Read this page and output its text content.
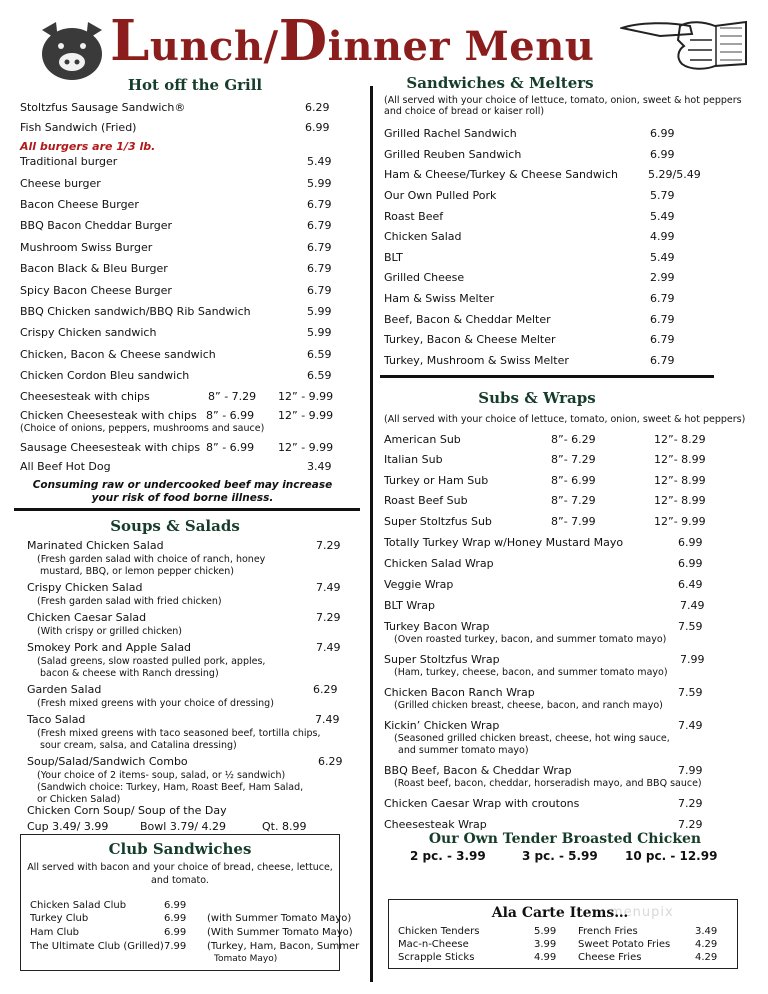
Lunch/Dinner Menu
Hot off the Grill
Stoltzfus Sausage Sandwich®	6.29
Fish Sandwich (Fried)	6.99
All burgers are 1/3 lb.
Traditional burger	5.49
Cheese burger	5.99
Bacon Cheese Burger	6.79
BBQ Bacon Cheddar Burger	6.79
Mushroom Swiss Burger	6.79
Bacon Black & Bleu Burger	6.79
Spicy Bacon Cheese Burger	6.79
BBQ Chicken sandwich/BBQ Rib Sandwich	5.99
Crispy Chicken sandwich	5.99
Chicken, Bacon & Cheese sandwich	6.59
Chicken Cordon Bleu sandwich	6.59
Cheesesteak with chips	8” - 7.29 12” - 9.99
Chicken Cheesesteak with chips 8” - 6.99 12” - 9.99
(Choice of onions, peppers, mushrooms and sauce)
Sausage Cheesesteak with chips 8” - 6.99 12” - 9.99
All Beef Hot Dog	3.49
Consuming raw or undercooked beef may increase
your risk of food borne illness.
Soups & Salads
Marinated Chicken Salad	7.29
(Fresh garden salad with choice of ranch, honey
mustard, BBQ, or lemon pepper chicken)
Crispy Chicken Salad	7.49
(Fresh garden salad with fried chicken)
Chicken Caesar Salad	7.29
(With crispy or grilled chicken)
Smokey Pork and Apple Salad	7.49
(Salad greens, slow roasted pulled pork, apples,
bacon & cheese with Ranch dressing)
Garden Salad	6.29
(Fresh mixed greens with your choice of dressing)
Taco Salad	7.49
(Fresh mixed greens with taco seasoned beef, tortilla chips,
sour cream, salsa, and Catalina dressing)
Soup/Salad/Sandwich Combo	6.29
(Your choice of 2 items- soup, salad, or ½ sandwich)
(Sandwich choice: Turkey, Ham, Roast Beef, Ham Salad,
or Chicken Salad)
Chicken Corn Soup/ Soup of the Day
Cup 3.49/ 3.99	Bowl 3.79/ 4.29	Qt. 8.99
Club Sandwiches
All served with bacon and your choice of bread, cheese, lettuce,
and tomato.
Chicken Salad Club	6.99
Turkey Club	6.99 (with Summer Tomato Mayo)
Ham Club	6.99 (With Summer Tomato Mayo)
The Ultimate Club (Grilled) 7.99 (Turkey, Ham, Bacon, Summer
Tomato Mayo)
Sandwiches & Melters
(All served with your choice of lettuce, tomato, onion, sweet & hot peppers
and choice of bread or kaiser roll)
Grilled Rachel Sandwich	6.99
Grilled Reuben Sandwich	6.99
Ham & Cheese/Turkey & Cheese Sandwich	5.29/5.49
Our Own Pulled Pork	5.79
Roast Beef	5.49
Chicken Salad	4.99
BLT	5.49
Grilled Cheese	2.99
Ham & Swiss Melter	6.79
Beef, Bacon & Cheddar Melter	6.79
Turkey, Bacon & Cheese Melter	6.79
Turkey, Mushroom & Swiss Melter	6.79
Subs & Wraps
(All served with your choice of lettuce, tomato, onion, sweet & hot peppers)
American Sub	8”- 6.29	12”- 8.29
Italian Sub	8”- 7.29	12”- 8.99
Turkey or Ham Sub	8”- 6.99	12”- 8.99
Roast Beef Sub	8”- 7.29	12”- 8.99
Super Stoltzfus Sub	8”- 7.99	12”- 9.99
Totally Turkey Wrap w/Honey Mustard Mayo	6.99
Chicken Salad Wrap	6.99
Veggie Wrap	6.49
BLT Wrap	7.49
Turkey Bacon Wrap	7.59
(Oven roasted turkey, bacon, and summer tomato mayo)
Super Stoltzfus Wrap	7.99
(Ham, turkey, cheese, bacon, and summer tomato mayo)
Chicken Bacon Ranch Wrap	7.59
(Grilled chicken breast, cheese, bacon, and ranch mayo)
Kickin’ Chicken Wrap	7.49
(Seasoned grilled chicken breast, cheese, hot wing sauce,
and summer tomato mayo)
BBQ Beef, Bacon & Cheddar Wrap	7.99
(Roast beef, bacon, cheddar, horseradish mayo, and BBQ sauce)
Chicken Caesar Wrap with croutons	7.29
Cheesesteak Wrap	7.29
Our Own Tender Broasted Chicken
2 pc. - 3.99	3 pc. - 5.99 10 pc. - 12.99
menupix
Ala Carte Items…
Chicken Tenders	5.99 French Fries	3.49
Mac-n-Cheese	3.99 Sweet Potato Fries 4.29
Scrapple Sticks	4.99 Cheese Fries	4.29
